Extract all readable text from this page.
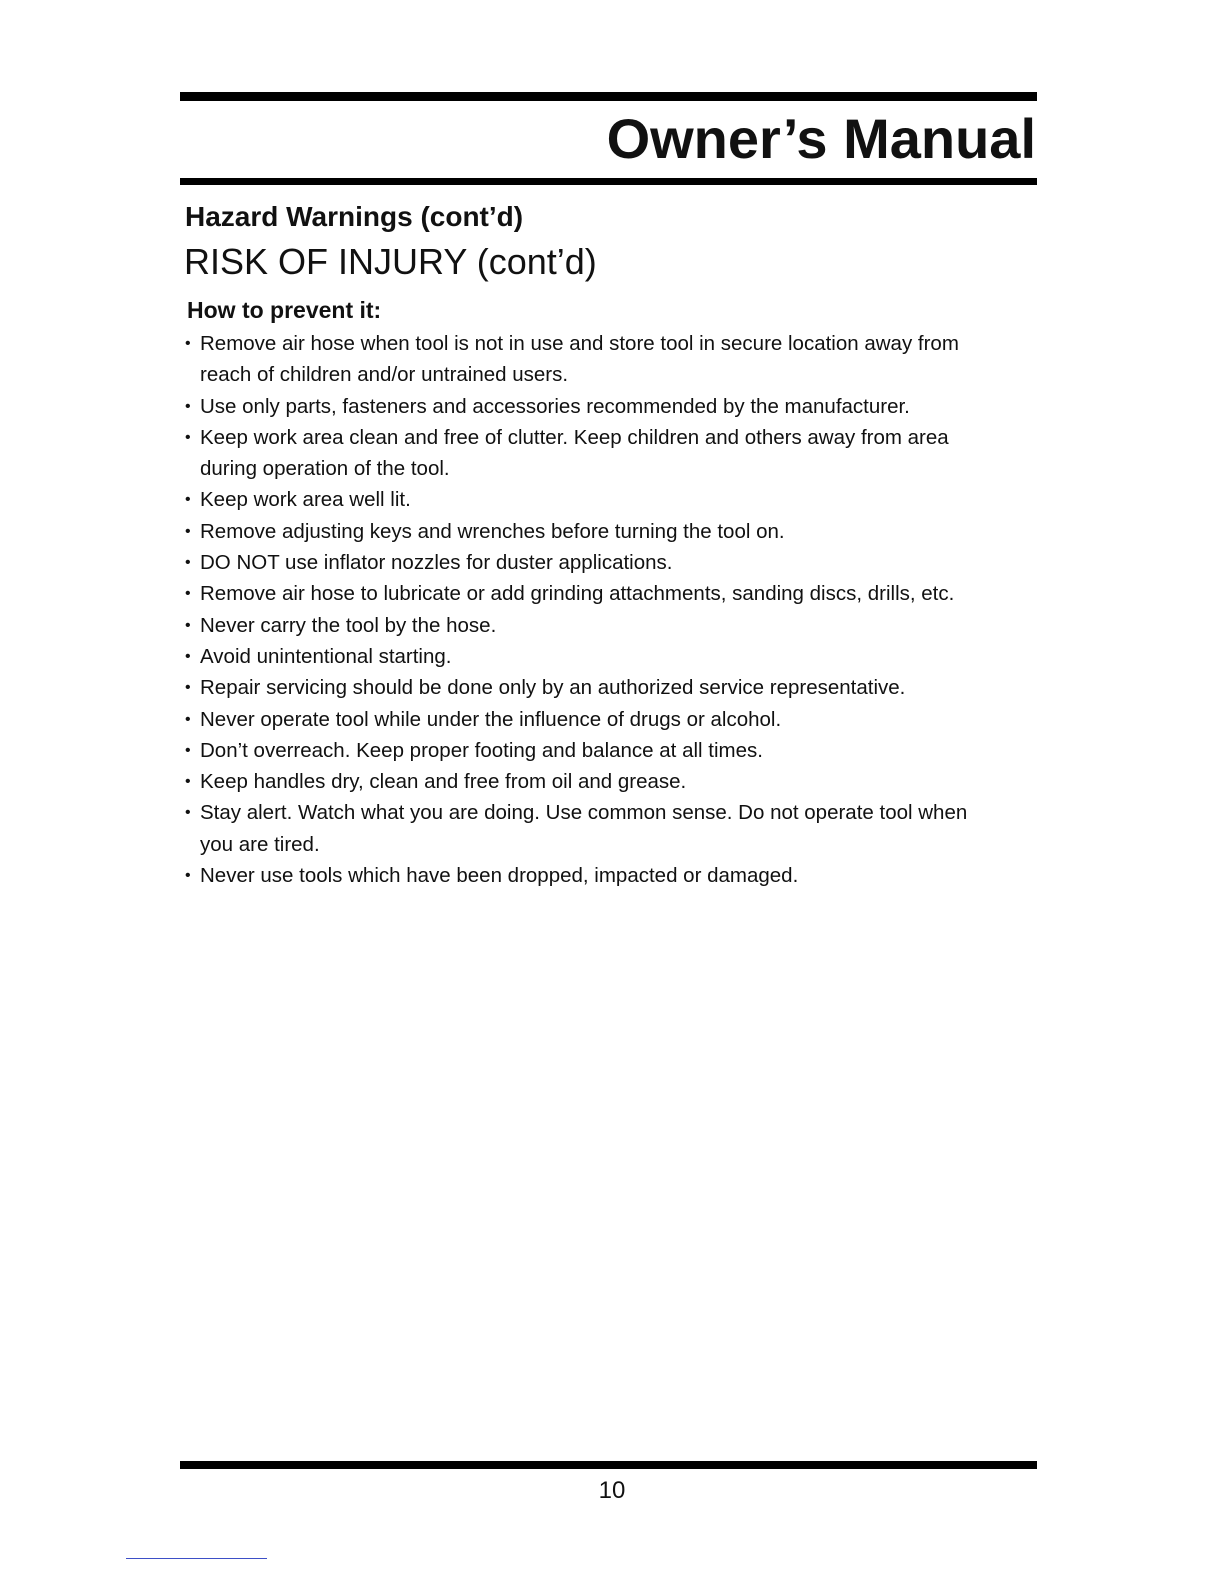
Owner’s Manual
Hazard Warnings (cont’d)
RISK OF INJURY (cont’d)
How to prevent it:
• Remove air hose when tool is not in use and store tool in secure location away from
reach of children and/or untrained users.
• Use only parts, fasteners and accessories recommended by the manufacturer.
• Keep work area clean and free of clutter. Keep children and others away from area
during operation of the tool.
• Keep work area well lit.
• Remove adjusting keys and wrenches before turning the tool on.
• DO NOT use inflator nozzles for duster applications.
• Remove air hose to lubricate or add grinding attachments, sanding discs, drills, etc.
• Never carry the tool by the hose.
• Avoid unintentional starting.
• Repair servicing should be done only by an authorized service representative.
• Never operate tool while under the influence of drugs or alcohol.
• Don’t overreach. Keep proper footing and balance at all times.
• Keep handles dry, clean and free from oil and grease.
• Stay alert. Watch what you are doing. Use common sense. Do not operate tool when
you are tired.
• Never use tools which have been dropped, impacted or damaged.

10
